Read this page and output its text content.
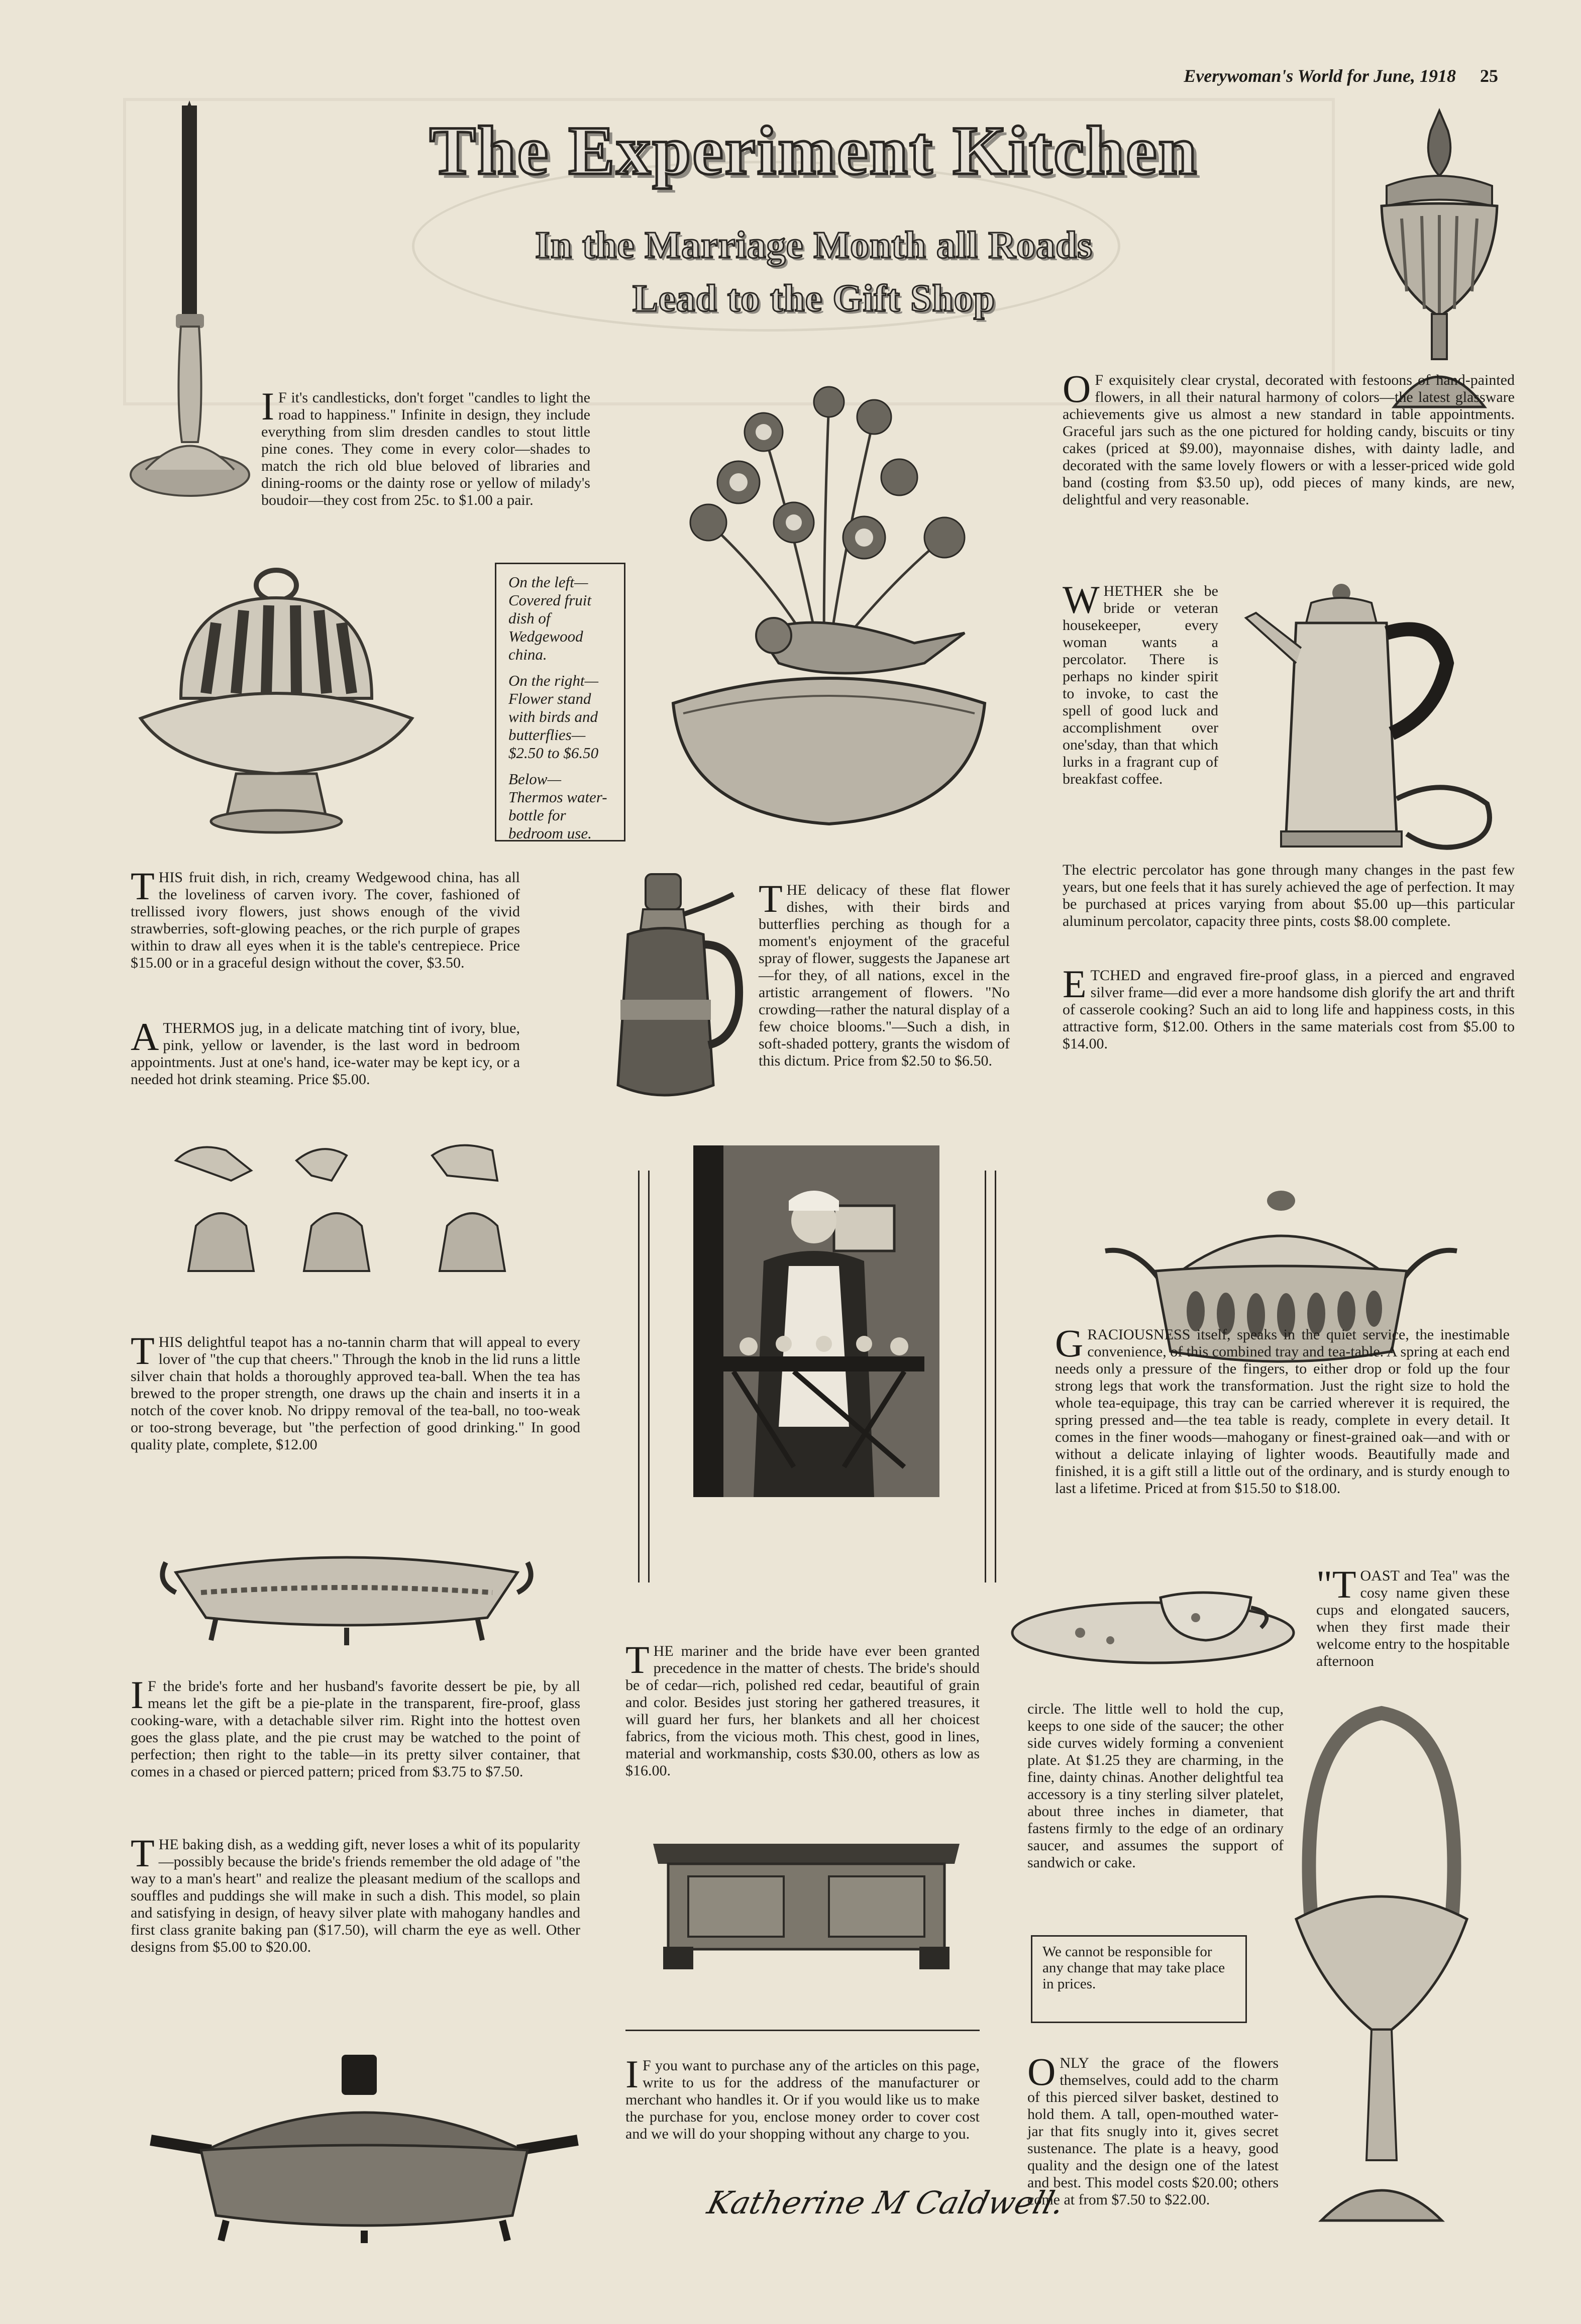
Everywoman's World for June, 1918 25
The Experiment Kitchen
In the Marriage Month all Roads
Lead to the Gift Shop

On the left—Covered fruit dish of Wedgewood china.

On the right—Flower stand with birds and butterflies—$2.50 to $6.50

Below—Thermos water-bottle for bedroom use.

We cannot be responsible for any change that may take place in prices.

I F it's candlesticks, don't forget "candles to light the road to happiness." Infinite in design, they include everything from slim dresden candles to stout little pine cones. They come in every color—shades to match the rich old blue beloved of libraries and dining-rooms or the dainty rose or yellow of milady's boudoir—they cost from 25c. to $1.00 a pair.

O F exquisitely clear crystal, decorated with festoons of hand-painted flowers, in all their natural harmony of colors—the latest glassware achievements give us almost a new standard in table appointments. Graceful jars such as the one pictured for holding candy, biscuits or tiny cakes (priced at $9.00), mayonnaise dishes, with dainty ladle, and decorated with the same lovely flowers or with a lesser-priced wide gold band (costing from $3.50 up), odd pieces of many kinds, are new, delightful and very reasonable.

WHETHER she be bride or veteran housekeeper, every woman wants a percolator. There is perhaps no kinder spirit to invoke, to cast the spell of good luck and accomplishment over one'sday, than that which lurks in a fragrant cup of breakfast coffee.

The electric percolator has gone through many changes in the past few years, but one feels that it has surely achieved the age of perfection. It may be purchased at prices varying from about $5.00 up—this particular aluminum percolator, capacity three pints, costs $8.00 complete.

ETCHED and engraved fire-proof glass, in a pierced and engraved silver frame—did ever a more handsome dish glorify the art and thrift of casserole cooking? Such an aid to long life and happiness costs, in this attractive form, $12.00. Others in the same materials cost from $5.00 to $14.00.

THIS fruit dish, in rich, creamy Wedgewood china, has all the loveliness of carven ivory. The cover, fashioned of trellissed ivory flowers, just shows enough of the vivid strawberries, soft-glowing peaches, or the rich purple of grapes within to draw all eyes when it is the table's centrepiece. Price $15.00 or in a graceful design without the cover, $3.50.

ATHERMOS jug, in a delicate matching tint of ivory, blue, pink, yellow or lavender, is the last word in bedroom appointments. Just at one's hand, ice-water may be kept icy, or a needed hot drink steaming. Price $5.00.

THE delicacy of these flat flower dishes, with their birds and butterflies perching as though for a moment's enjoyment of the graceful spray of flower, suggests the Japanese art —for they, of all nations, excel in the artistic arrangement of flowers. "No crowding—rather the natural display of a few choice blooms."—Such a dish, in soft-shaded pottery, grants the wisdom of this dictum. Price from $2.50 to $6.50.

THIS delightful teapot has a no-tannin charm that will appeal to every lover of "the cup that cheers." Through the knob in the lid runs a little silver chain that holds a thoroughly approved tea-ball. When the tea has brewed to the proper strength, one draws up the chain and inserts it in a notch of the cover knob. No drippy removal of the tea-ball, no too-weak or too-strong beverage, but "the perfection of good drinking." In good quality plate, complete, $12.00

GRACIOUSNESS itself, speaks in the quiet service, the inestimable convenience, of this combined tray and tea-table. A spring at each end needs only a pressure of the fingers, to either drop or fold up the four strong legs that work the transformation. Just the right size to hold the whole tea-equipage, this tray can be carried wherever it is required, the spring pressed and—the tea table is ready, complete in every detail. It comes in the finer woods—mahogany or finest-grained oak—and with or without a delicate inlaying of lighter woods. Beautifully made and finished, it is a gift still a little out of the ordinary, and is sturdy enough to last a lifetime. Priced at from $15.50 to $18.00.

"TOAST and Tea" was the cosy name given these cups and elongated saucers, when they first made their welcome entry to the hospitable afternoon

circle. The little well to hold the cup, keeps to one side of the saucer; the other side curves widely forming a convenient plate. At $1.25 they are charming, in the fine, dainty chinas. Another delightful tea accessory is a tiny sterling silver platelet, about three inches in diameter, that fastens firmly to the edge of an ordinary saucer, and assumes the support of sandwich or cake.

I F the bride's forte and her husband's favorite dessert be pie, by all means let the gift be a pie-plate in the transparent, fire-proof, glass cooking-ware, with a detachable silver rim. Right into the hottest oven goes the glass plate, and the pie crust may be watched to the point of perfection; then right to the table—in its pretty silver container, that comes in a chased or pierced pattern; priced from $3.75 to $7.50.

THE baking dish, as a wedding gift, never loses a whit of its popularity—possibly because the bride's friends remember the old adage of "the way to a man's heart" and realize the pleasant medium of the scallops and souffles and puddings she will make in such a dish. This model, so plain and satisfying in design, of heavy silver plate with mahogany handles and first class granite baking pan ($17.50), will charm the eye as well. Other designs from $5.00 to $20.00.

THE mariner and the bride have ever been granted precedence in the matter of chests. The bride's should be of cedar—rich, polished red cedar, beautiful of grain and color. Besides just storing her gathered treasures, it will guard her furs, her blankets and all her choicest fabrics, from the vicious moth. This chest, good in lines, material and workmanship, costs $30.00, others as low as $16.00.

I F you want to purchase any of the articles on this page, write to us for the address of the manufacturer or merchant who handles it. Or if you would like us to make the purchase for you, enclose money order to cover cost and we will do your shopping without any charge to you.

Katherine M Caldwell.

ONLY the grace of the flowers themselves, could add to the charm of this pierced silver basket, destined to hold them. A tall, open-mouthed water-jar that fits snugly into it, gives secret sustenance. The plate is a heavy, good quality and the design one of the latest and best. This model costs $20.00; others come at from $7.50 to $22.00.
